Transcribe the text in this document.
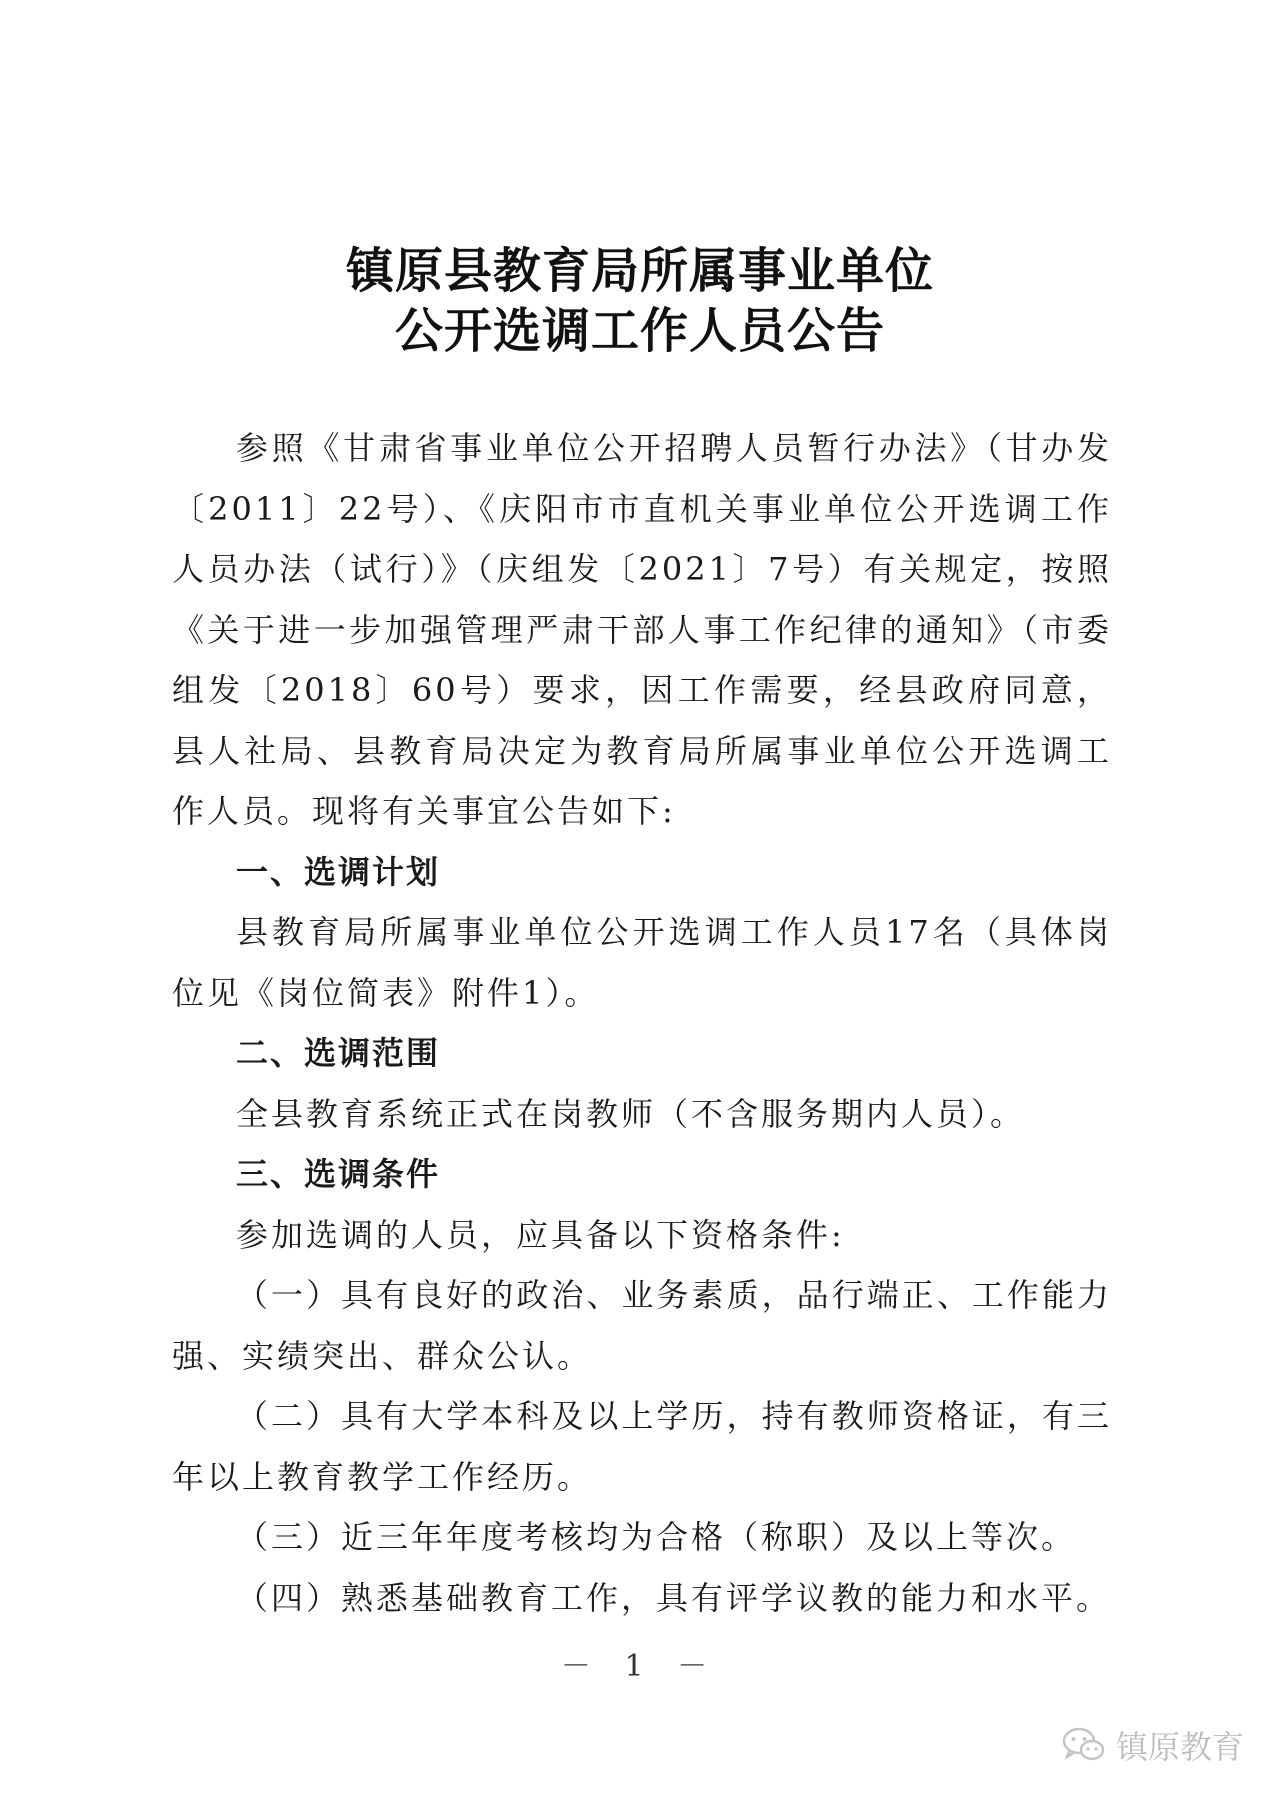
镇原县教育局所属事业单位
公开选调工作人员公告

参照《甘肃省事业单位公开招聘人员暂行办法》（甘办发〔2011〕22号）、《庆阳市市直机关事业单位公开选调工作人员办法（试行）》（庆组发〔2021〕7号）有关规定，按照《关于进一步加强管理严肃干部人事工作纪律的通知》（市委组发〔2018〕60号）要求，因工作需要，经县政府同意，县人社局、县教育局决定为教育局所属事业单位公开选调工作人员。现将有关事宜公告如下:

一、选调计划

县教育局所属事业单位公开选调工作人员17名（具体岗位见《岗位简表》附件1）。

二、选调范围

全县教育系统正式在岗教师（不含服务期内人员）。

三、选调条件

参加选调的人员，应具备以下资格条件:

（一）具有良好的政治、业务素质，品行端正、工作能力强、实绩突出、群众公认。

（二）具有大学本科及以上学历，持有教师资格证，有三年以上教育教学工作经历。

（三）近三年年度考核均为合格（称职）及以上等次。

（四）熟悉基础教育工作，具有评学议教的能力和水平。

－ 1 －
镇原教育
